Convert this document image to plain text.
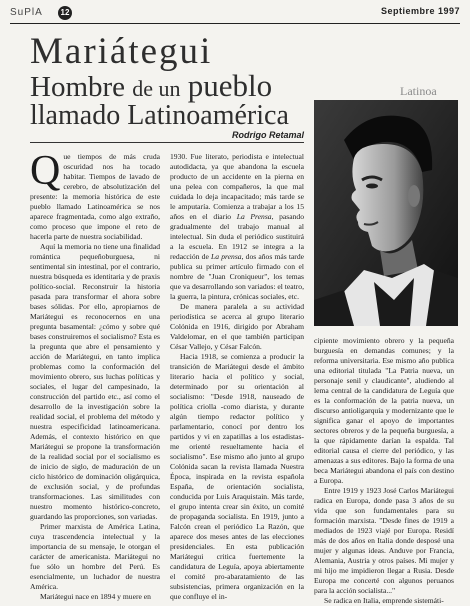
SuPlA	12	Septiembre 1997
Mariátegui
Hombre de un pueblo
llamado Latinoamérica
Latinoa
Rodrigo Retamal

Que tiempos de más cruda oscuridad nos ha tocado habitar. Tiempos de lavado de cerebro, de absolutización del presente: la memoria histórica de este pueblo llamado Latinoamérica se nos aparece fragmentada, como algo extraño, como proceso que impone el reto de hacerla parte de nuestra sociabilidad.

Aquí la memoria no tiene una finalidad romántica pequeñoburguesa, ni sentimental sin intestinal, por el contrario, nuestra búsqueda es identitaria y de praxis político-social. Reconstruir la historia pasada para transformar el ahora sobre bases sólidas. Por ello, apropiarnos de Mariátegui es reconocernos en una pregunta basamental: ¿cómo y sobre qué bases construiremos el socialismo? Esta es la pregunta que abre el pensamiento y acción de Mariátegui, en tanto implica problemas como la conformación del movimiento obrero, sus luchas políticas y sociales, el lugar del campesinado, la construcción del partido etc., así como el desarrollo de la investigación sobre la realidad social, el problema del método y nuestra especificidad latinoamericana. Además, el contexto histórico en que Mariátegui se propone la transformación de la realidad social por el socialismo es de inicio de siglo, de maduración de un ciclo histórico de dominación oligárquica, de exclusión social, y de profundas transformaciones. Las similitudes con nuestro momento histórico-concreto, guardando las proporciones, son variadas.

Primer marxista de América Latina, cuya trascendencia intelectual y la importancia de su mensaje, le otorgan el carácter de americanista. Mariátegui no fue sólo un hombre del Perú. Es esencialmente, un luchador de nuestra América.

Mariátegui nace en 1894 y muere en

1930. Fue literato, periodista e intelectual autodidacta, ya que abandona la escuela producto de un accidente en la pierna en una pelea con compañeros, la que mal cuidada lo deja incapacitado; más tarde se le amputaría. Comienza a trabajar a los 15 años en el diario La Prensa, pasando gradualmente del trabajo manual al intelectual. Sin duda el periódico sustituirá a la escuela. En 1912 se integra a la redacción de La prensa, dos años más tarde publica su primer artículo firmado con el nombre de "Juan Croniqueur", los temas que va desarrollando son variados: el teatro, la guerra, la pintura, crónicas sociales, etc.

De manera paralela a su actividad periodística se acerca al grupo literario Colónida en 1916, dirigido por Abraham Valdelomar, en el que también participan César Vallejo, y César Falcón.

Hacia 1918, se comienza a producir la transición de Mariátegui desde el ámbito literario hacia el político y social, determinado por su orientación al socialismo: "Desde 1918, nauseado de política criolla -como diarista, y durante algún tiempo redactor político y parlamentario, conocí por dentro los partidos y vi en zapatillas a los estadistas- me orienté resueltamente hacia el socialismo". Ese mismo año junto al grupo Colónida sacan la revista llamada Nuestra Época, inspirada en la revista española España, de orientación socialista, conducida por Luis Araquistain. Más tarde, el grupo intenta crear sin éxito, un comité de propaganda socialista. En 1919, junto a Falcón crean el periódico La Razón, que aparece dos meses antes de las elecciones presidenciales. En esta publicación Mariátegui critica fuertemente la candidatura de Leguía, apoya abiertamente el comité pro-abaratamiento de las subsistencias, primera organización en la que confluye el in-

cipiente movimiento obrero y la pequeña burguesía en demandas comunes; y la reforma universitaria. Ese mismo año publica una editorial titulada "La Patria nueva, un personaje senil y claudicante", aludiendo al lema central de la candidatura de Leguía que es la conformación de la patria nueva, un discurso antioligarquía y modernizante que le significa ganar el apoyo de importantes sectores obreros y de la pequeña burguesía, a la que rápidamente darían la espalda. Tal editorial causa el cierre del periódico, y las amenazas a sus editores. Bajo la forma de una beca Mariátegui abandona el país con destino a Europa.

Entre 1919 y 1923 José Carlos Mariátegui radica en Europa, donde pasa 3 años de su vida que son fundamentales para su formación marxista. "Desde fines de 1919 a mediados de 1923 viajé por Europa. Residí más de dos años en Italia donde desposé una mujer y algunas ideas. Anduve por Francia, Alemania, Austria y otros países. Mi mujer y mi hijo me impidieron llegar a Rusia. Desde Europa me concerté con algunos peruanos para la acción socialista..."

Se radica en Italia, emprende sistemáti-
